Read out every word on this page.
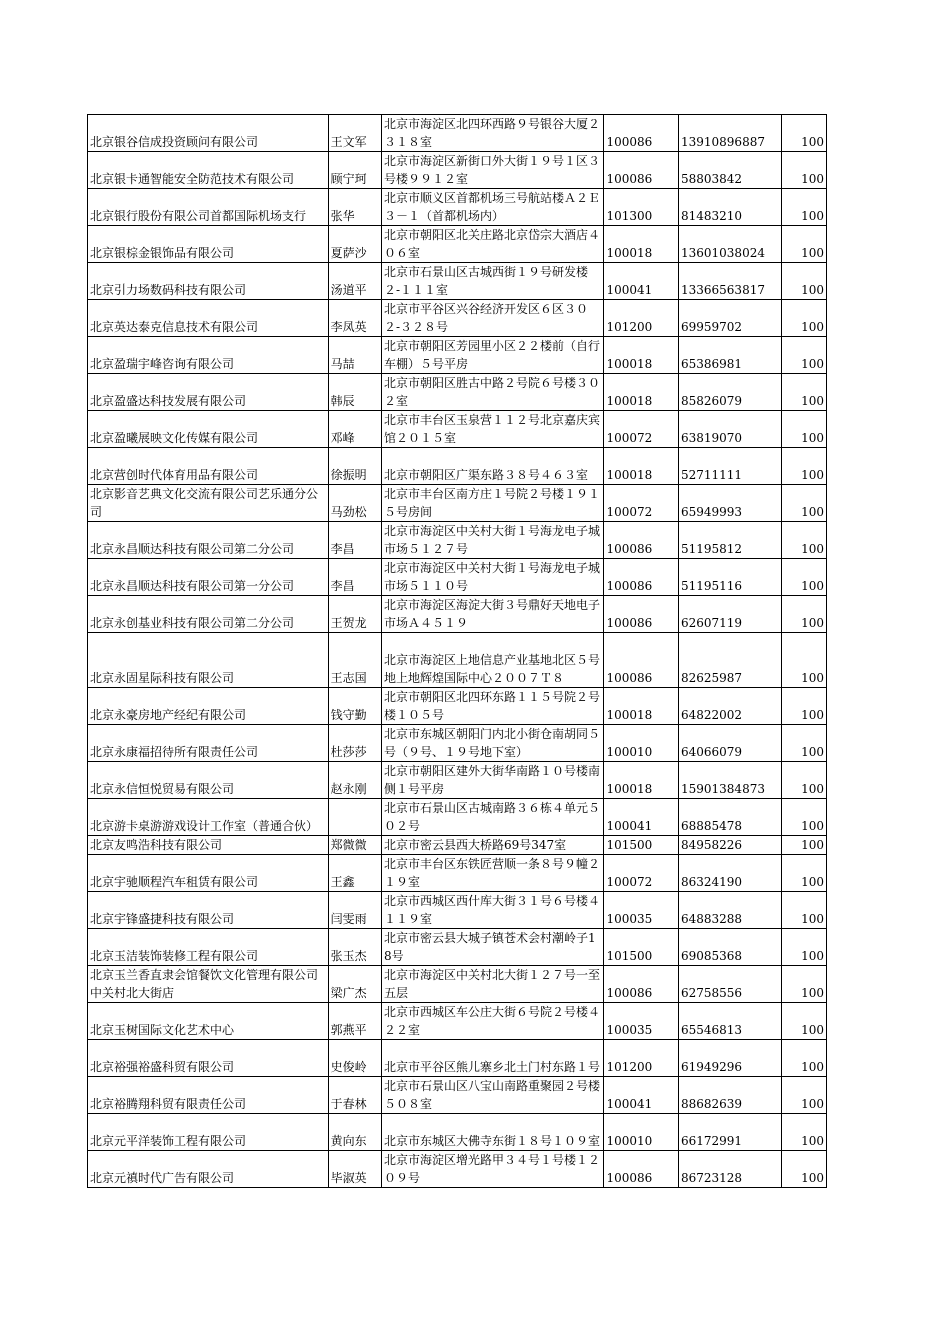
北京银谷信成投资顾问有限公司	王文军	北京市海淀区北四环西路９号银谷大厦２３１８室	100086	13910896887	100
北京银卡通智能安全防范技术有限公司	顾宁珂	北京市海淀区新街口外大街１９号１区３号楼９９１２室	100086	58803842	100
北京银行股份有限公司首都国际机场支行	张华	北京市顺义区首都机场三号航站楼Ａ２Ｅ３－１（首都机场内）	101300	81483210	100
北京银棕金银饰品有限公司	夏萨沙	北京市朝阳区北关庄路北京岱宗大酒店４０６室	100018	13601038024	100
北京引力场数码科技有限公司	汤道平	北京市石景山区古城西街１９号研发楼２-１１１室	100041	13366563817	100
北京英达泰克信息技术有限公司	李凤英	北京市平谷区兴谷经济开发区６区３０２-３２８号	101200	69959702	100
北京盈瑞宇峰咨询有限公司	马喆	北京市朝阳区芳园里小区２２楼前（自行车棚）５号平房	100018	65386981	100
北京盈盛达科技发展有限公司	韩辰	北京市朝阳区胜古中路２号院６号楼３０２室	100018	85826079	100
北京盈曦展映文化传媒有限公司	邓峰	北京市丰台区玉泉营１１２号北京嘉庆宾馆２０１５室	100072	63819070	100
北京营创时代体育用品有限公司	徐振明	北京市朝阳区广渠东路３８号４６３室	100018	52711111	100
北京影音艺典文化交流有限公司艺乐通分公司	马劲松	北京市丰台区南方庄１号院２号楼１９１５号房间	100072	65949993	100
北京永昌顺达科技有限公司第二分公司	李昌	北京市海淀区中关村大街１号海龙电子城市场５１２７号	100086	51195812	100
北京永昌顺达科技有限公司第一分公司	李昌	北京市海淀区中关村大街１号海龙电子城市场５１１０号	100086	51195116	100
北京永创基业科技有限公司第二分公司	王贺龙	北京市海淀区海淀大街３号鼎好天地电子市场Ａ４５１９	100086	62607119	100
北京永固星际科技有限公司	王志国	北京市海淀区上地信息产业基地北区５号地上地辉煌国际中心２００７Ｔ８	100086	82625987	100
北京永豪房地产经纪有限公司	钱守勤	北京市朝阳区北四环东路１１５号院２号楼１０５号	100018	64822002	100
北京永康福招待所有限责任公司	杜莎莎	北京市东城区朝阳门内北小街仓南胡同５号（９号、１９号地下室）	100010	64066079	100
北京永信恒悦贸易有限公司	赵永刚	北京市朝阳区建外大街华南路１０号楼南侧１号平房	100018	15901384873	100
北京游卡桌游游戏设计工作室（普通合伙）		北京市石景山区古城南路３６栋４单元５０２号	100041	68885478	100
北京友鸣浩科技有限公司	郑微微	北京市密云县西大桥路69号347室	101500	84958226	100
北京宇驰顺程汽车租赁有限公司	王鑫	北京市丰台区东铁匠营顺一条８号９幢２１９室	100072	86324190	100
北京宇锋盛捷科技有限公司	闫雯雨	北京市西城区西什库大街３１号６号楼４１１９室	100035	64883288	100
北京玉洁装饰装修工程有限公司	张玉杰	北京市密云县大城子镇苍术会村潮岭子18号	101500	69085368	100
北京玉兰香直隶会馆餐饮文化管理有限公司中关村北大街店	梁广杰	北京市海淀区中关村北大街１２７号一至五层	100086	62758556	100
北京玉树国际文化艺术中心	郭燕平	北京市西城区车公庄大街６号院２号楼４２２室	100035	65546813	100
北京裕强裕盛科贸有限公司	史俊岭	北京市平谷区熊儿寨乡北土门村东路１号	101200	61949296	100
北京裕腾翔科贸有限责任公司	于春林	北京市石景山区八宝山南路重聚园２号楼５０８室	100041	88682639	100
北京元平洋装饰工程有限公司	黄向东	北京市东城区大佛寺东街１８号１０９室	100010	66172991	100
北京元禛时代广告有限公司	毕淑英	北京市海淀区增光路甲３４号１号楼１２０９号	100086	86723128	100
